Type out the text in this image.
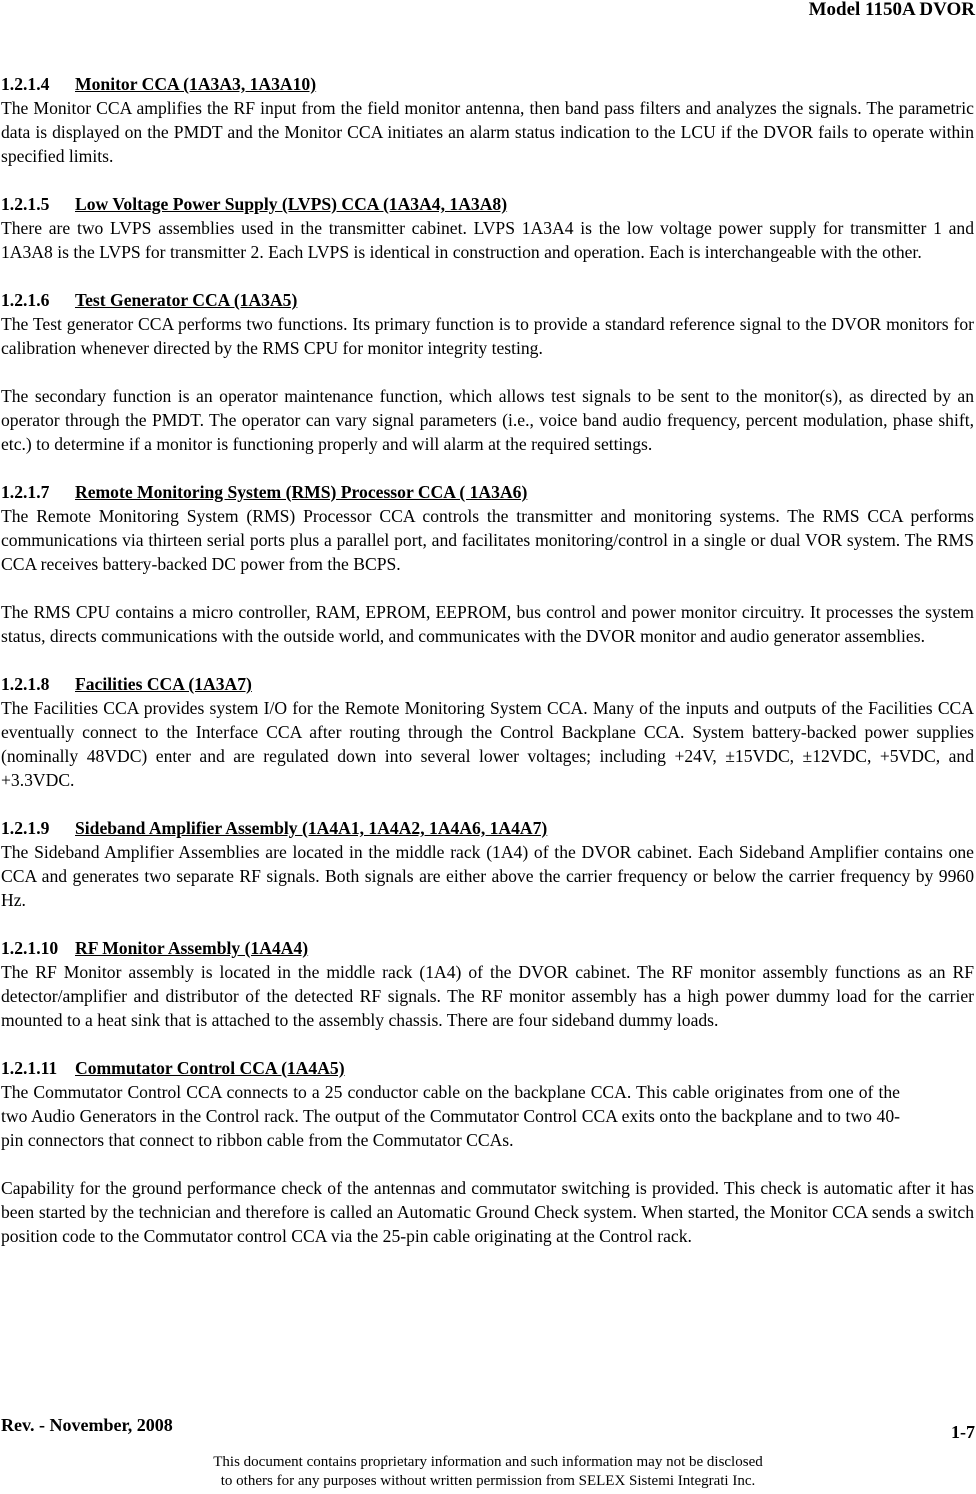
Model 1150A DVOR
1.2.1.4 Monitor CCA (1A3A3, 1A3A10)
The Monitor CCA amplifies the RF input from the field monitor antenna, then band pass filters and analyzes the signals. The parametric data is displayed on the PMDT and the Monitor CCA initiates an alarm status indication to the LCU if the DVOR fails to operate within specified limits.
1.2.1.5 Low Voltage Power Supply (LVPS) CCA (1A3A4, 1A3A8)
There are two LVPS assemblies used in the transmitter cabinet. LVPS 1A3A4 is the low voltage power supply for transmitter 1 and 1A3A8 is the LVPS for transmitter 2. Each LVPS is identical in construction and operation. Each is interchangeable with the other.
1.2.1.6 Test Generator CCA (1A3A5)
The Test generator CCA performs two functions. Its primary function is to provide a standard reference signal to the DVOR monitors for calibration whenever directed by the RMS CPU for monitor integrity testing.
The secondary function is an operator maintenance function, which allows test signals to be sent to the monitor(s), as directed by an operator through the PMDT. The operator can vary signal parameters (i.e., voice band audio frequency, percent modulation, phase shift, etc.) to determine if a monitor is functioning properly and will alarm at the required settings.
1.2.1.7 Remote Monitoring System (RMS) Processor CCA ( 1A3A6)
The Remote Monitoring System (RMS) Processor CCA controls the transmitter and monitoring systems. The RMS CCA performs communications via thirteen serial ports plus a parallel port, and facilitates monitoring/control in a single or dual VOR system. The RMS CCA receives battery-backed DC power from the BCPS.
The RMS CPU contains a micro controller, RAM, EPROM, EEPROM, bus control and power monitor circuitry. It processes the system status, directs communications with the outside world, and communicates with the DVOR monitor and audio generator assemblies.
1.2.1.8 Facilities CCA (1A3A7)
The Facilities CCA provides system I/O for the Remote Monitoring System CCA. Many of the inputs and outputs of the Facilities CCA eventually connect to the Interface CCA after routing through the Control Backplane CCA. System battery-backed power supplies (nominally 48VDC) enter and are regulated down into several lower voltages; including +24V, ±15VDC, ±12VDC, +5VDC, and +3.3VDC.
1.2.1.9 Sideband Amplifier Assembly (1A4A1, 1A4A2, 1A4A6, 1A4A7)
The Sideband Amplifier Assemblies are located in the middle rack (1A4) of the DVOR cabinet. Each Sideband Amplifier contains one CCA and generates two separate RF signals. Both signals are either above the carrier frequency or below the carrier frequency by 9960 Hz.
1.2.1.10 RF Monitor Assembly (1A4A4)
The RF Monitor assembly is located in the middle rack (1A4) of the DVOR cabinet. The RF monitor assembly functions as an RF detector/amplifier and distributor of the detected RF signals. The RF monitor assembly has a high power dummy load for the carrier mounted to a heat sink that is attached to the assembly chassis. There are four sideband dummy loads.
1.2.1.11 Commutator Control CCA (1A4A5)
The Commutator Control CCA connects to a 25 conductor cable on the backplane CCA. This cable originates from one of the two Audio Generators in the Control rack. The output of the Commutator Control CCA exits onto the backplane and to two 40-pin connectors that connect to ribbon cable from the Commutator CCAs.
Capability for the ground performance check of the antennas and commutator switching is provided. This check is automatic after it has been started by the technician and therefore is called an Automatic Ground Check system. When started, the Monitor CCA sends a switch position code to the Commutator control CCA via the 25-pin cable originating at the Control rack.
Rev. - November, 2008	1-7
This document contains proprietary information and such information may not be disclosed
to others for any purposes without written permission from SELEX Sistemi Integrati Inc.
